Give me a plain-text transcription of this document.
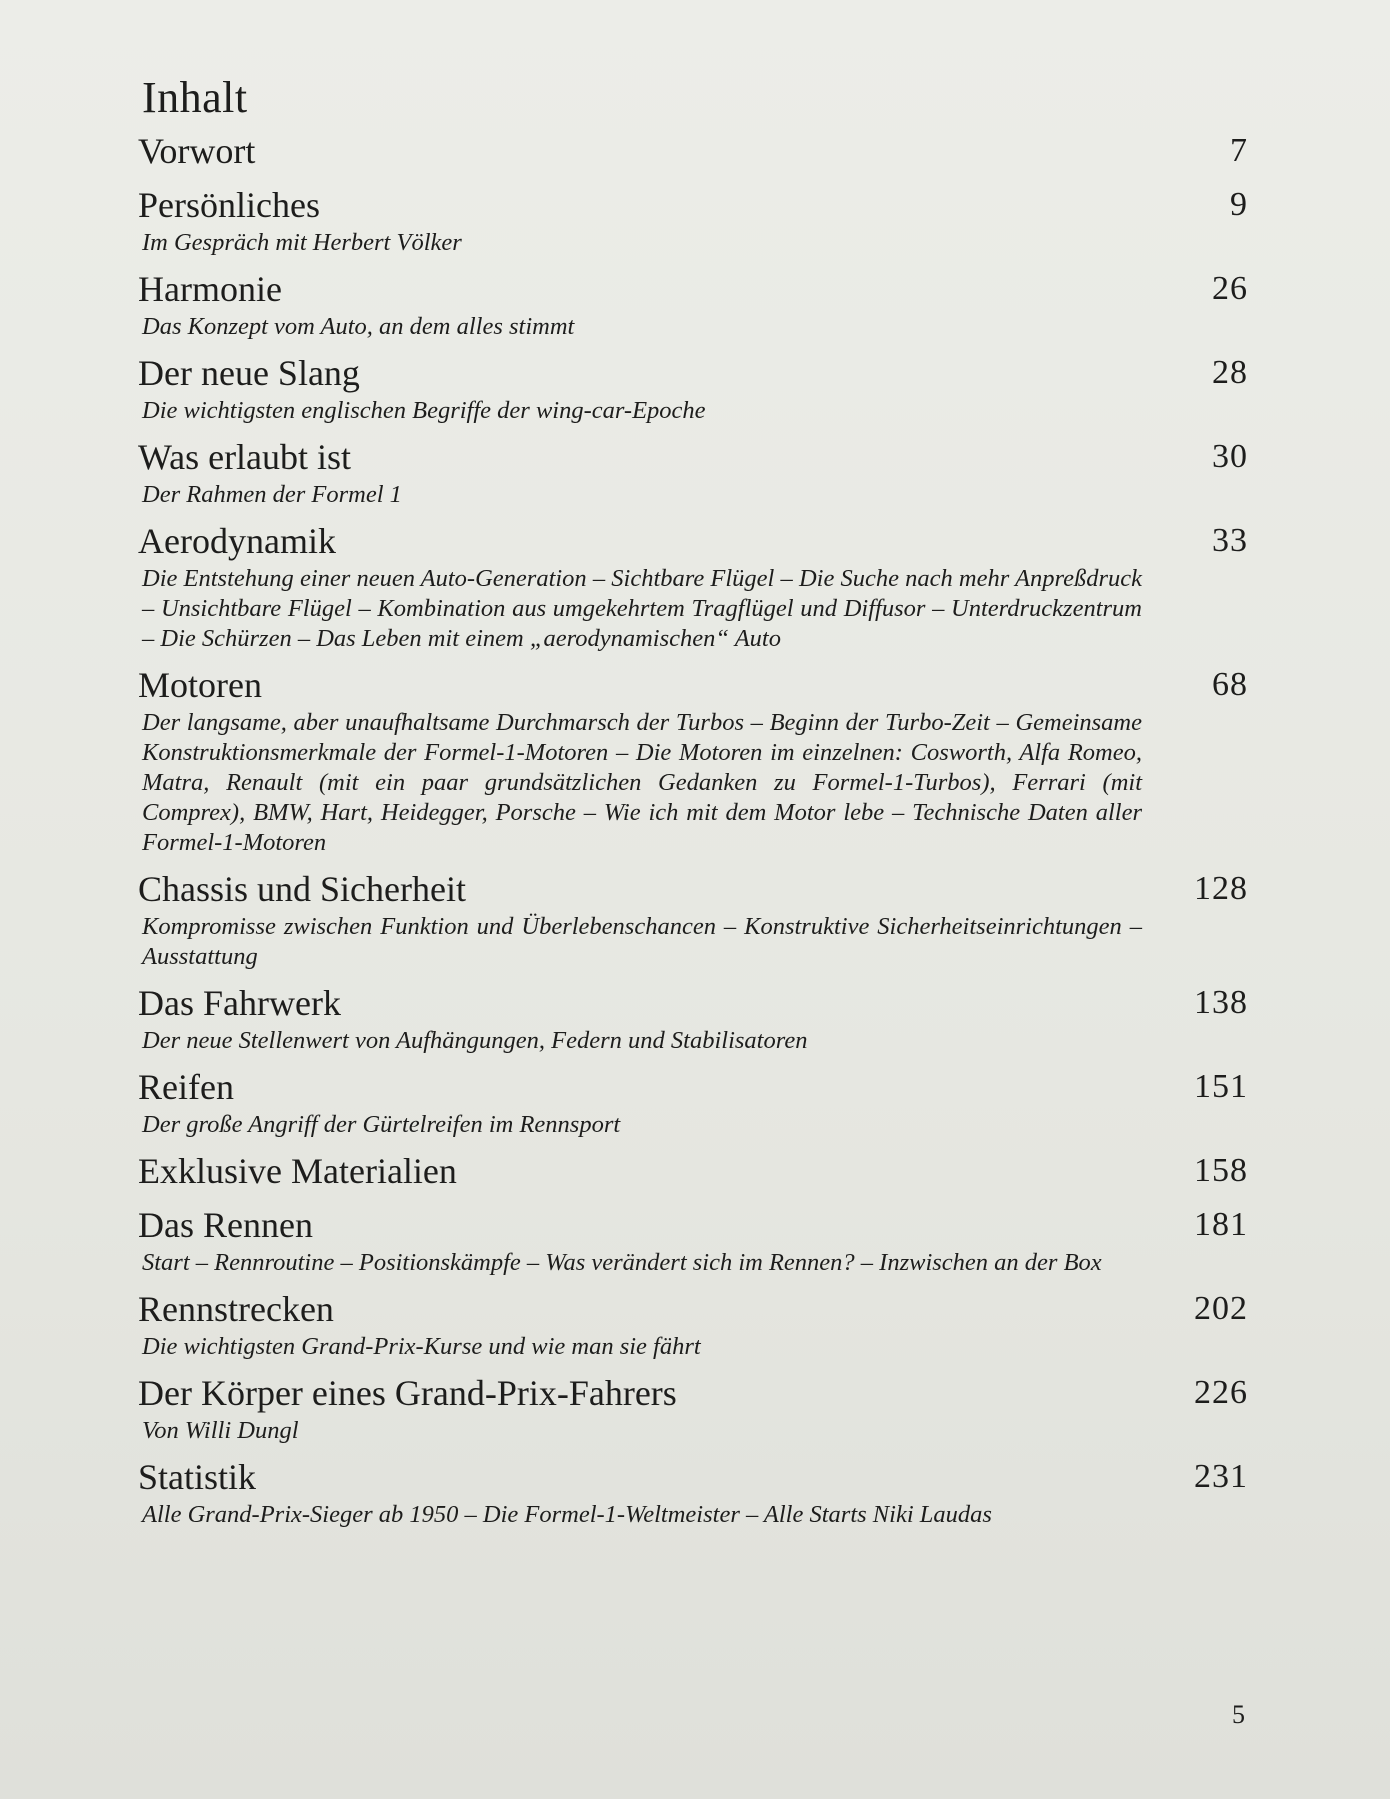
Inhalt
Vorwort	7
Persönliches	9
Im Gespräch mit Herbert Völker
Harmonie	26
Das Konzept vom Auto, an dem alles stimmt
Der neue Slang	28
Die wichtigsten englischen Begriffe der wing-car-Epoche
Was erlaubt ist	30
Der Rahmen der Formel 1
Aerodynamik	33
Die Entstehung einer neuen Auto-Generation – Sichtbare Flügel – Die Suche nach mehr Anpreßdruck – Unsichtbare Flügel – Kombination aus umgekehrtem Tragflügel und Diffusor – Unterdruckzentrum – Die Schürzen – Das Leben mit einem „aerodynamischen“ Auto
Motoren	68
Der langsame, aber unaufhaltsame Durchmarsch der Turbos – Beginn der Turbo-Zeit – Gemeinsame Konstruktionsmerkmale der Formel-1-Motoren – Die Motoren im einzelnen: Cosworth, Alfa Romeo, Matra, Renault (mit ein paar grundsätzlichen Gedanken zu Formel-1-Turbos), Ferrari (mit Comprex), BMW, Hart, Heidegger, Porsche – Wie ich mit dem Motor lebe – Technische Daten aller Formel-1-Motoren
Chassis und Sicherheit	128
Kompromisse zwischen Funktion und Überlebenschancen – Konstruktive Sicherheitseinrichtungen – Ausstattung
Das Fahrwerk	138
Der neue Stellenwert von Aufhängungen, Federn und Stabilisatoren
Reifen	151
Der große Angriff der Gürtelreifen im Rennsport
Exklusive Materialien	158
Das Rennen	181
Start – Rennroutine – Positionskämpfe – Was verändert sich im Rennen? – Inzwischen an der Box
Rennstrecken	202
Die wichtigsten Grand-Prix-Kurse und wie man sie fährt
Der Körper eines Grand-Prix-Fahrers	226
Von Willi Dungl
Statistik	231
Alle Grand-Prix-Sieger ab 1950 – Die Formel-1-Weltmeister – Alle Starts Niki Laudas
5
